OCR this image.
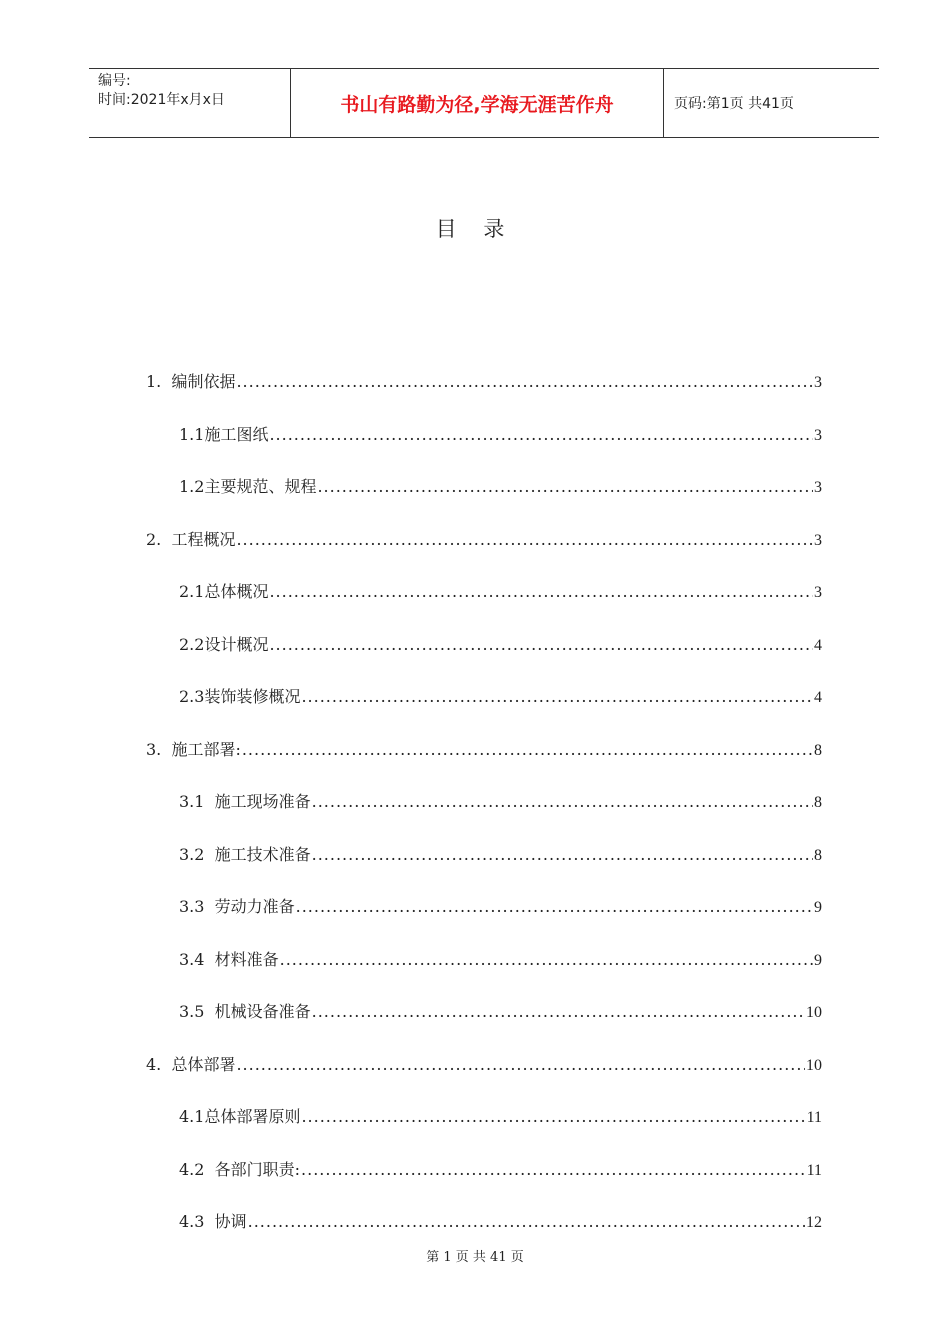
编号:
时间:2021年x月x日	书山有路勤为径,学海无涯苦作舟	页码:第1页 共41页
目 录
1.  编制依据 .....	3
1.1施工图纸 .....	3
1.2主要规范、规程 .....	3
2.  工程概况 .....	3
2.1总体概况 .....	3
2.2设计概况 .....	4
2.3装饰装修概况 .....	4
3.  施工部署: .....	8
3.1  施工现场准备 .....	8
3.2  施工技术准备 .....	8
3.3  劳动力准备 .....	9
3.4  材料准备 .....	9
3.5  机械设备准备 .....	10
4.  总体部署 .....	10
4.1总体部署原则 .....	11
4.2  各部门职责: .....	11
4.3  协调 .....	12
第 1 页 共 41 页
